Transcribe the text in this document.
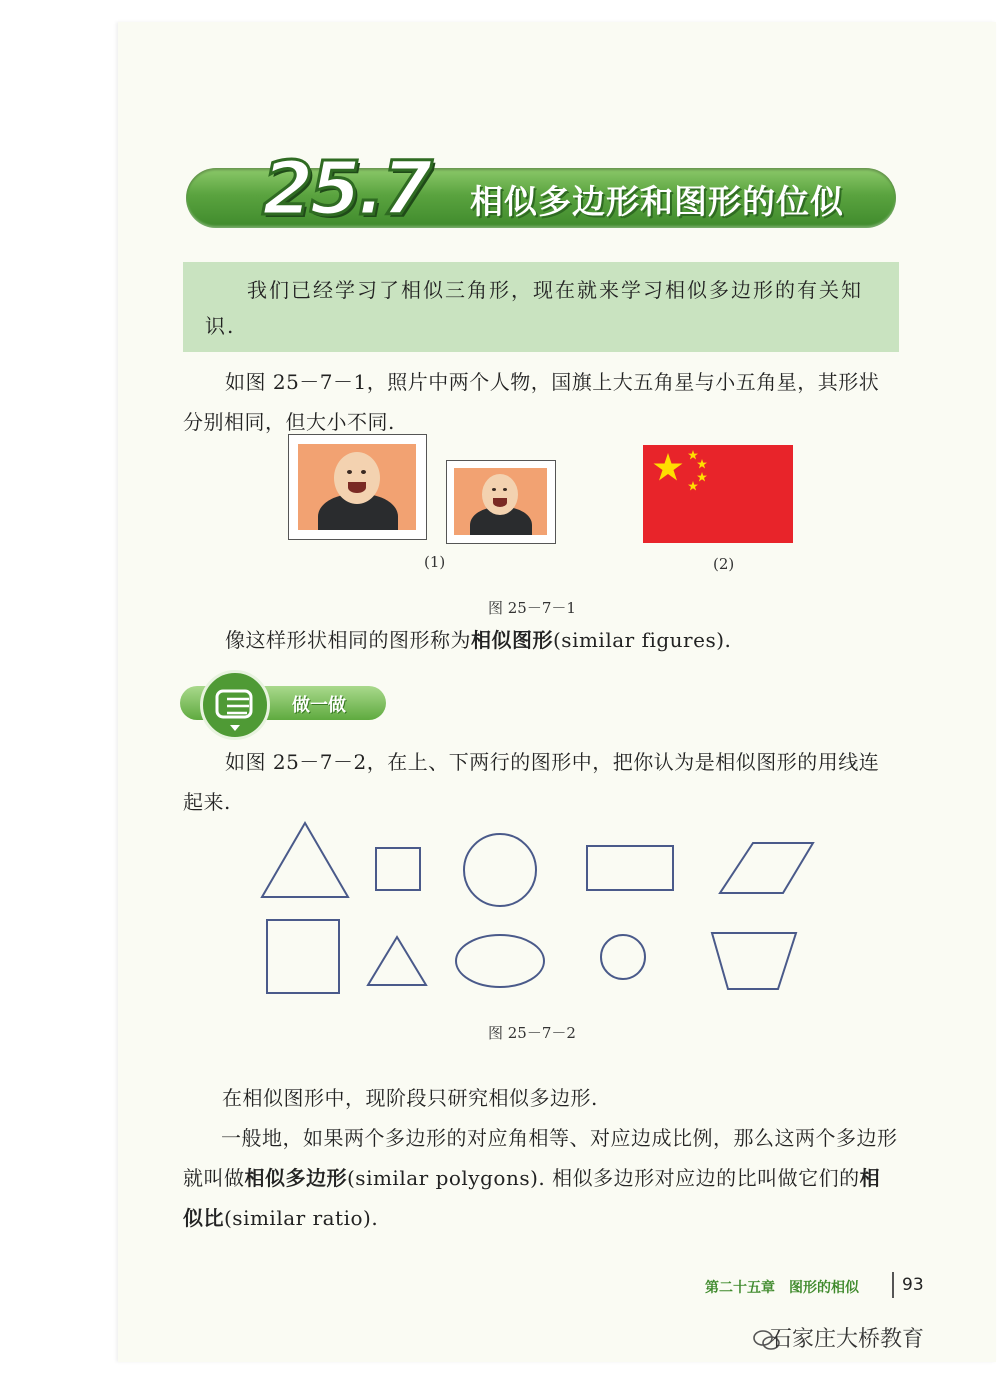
25.7 相似多边形和图形的位似
我们已经学习了相似三角形，现在就来学习相似多边形的有关知识.
如图 25－7－1，照片中两个人物，国旗上大五角星与小五角星，其形状分别相同，但大小不同.
(1)	(2)
图 25－7－1
像这样形状相同的图形称为相似图形(similar figures).
做一做
如图 25－7－2，在上、下两行的图形中，把你认为是相似图形的用线连起来.
图 25－7－2
在相似图形中，现阶段只研究相似多边形.
一般地，如果两个多边形的对应角相等、对应边成比例，那么这两个多边形就叫做相似多边形(similar polygons). 相似多边形对应边的比叫做它们的相似比(similar ratio).
第二十五章　图形的相似	93
石家庄大桥教育
